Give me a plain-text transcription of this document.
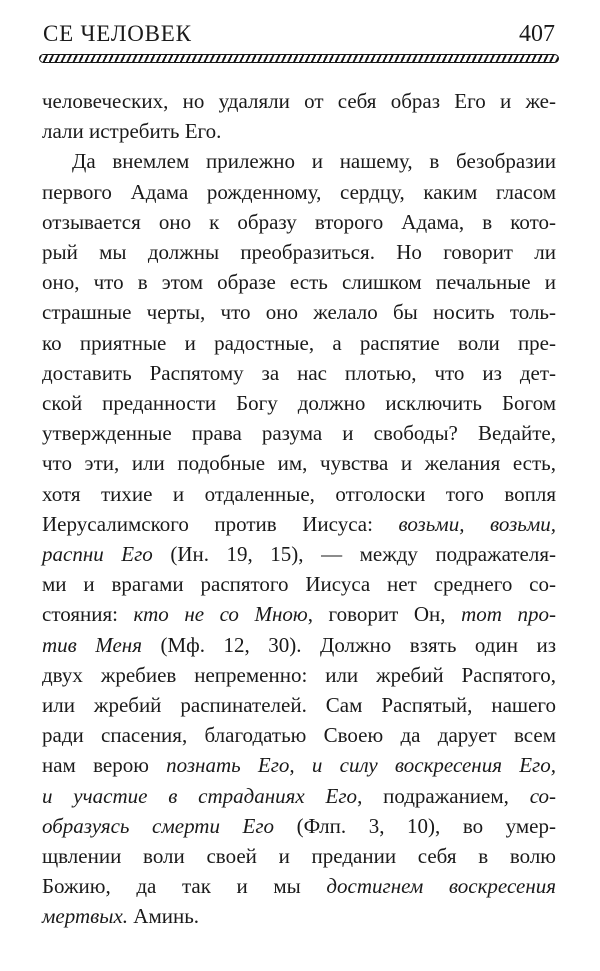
СЕ ЧЕЛОВЕК	407
человеческих, но удаляли от себя образ Его и же-
лали истребить Его.
Да внемлем прилежно и нашему, в безобразии
первого Адама рожденному, сердцу, каким гласом
отзывается оно к образу второго Адама, в кото-
рый мы должны преобразиться. Но говорит ли
оно, что в этом образе есть слишком печальные и
страшные черты, что оно желало бы носить толь-
ко приятные и радостные, а распятие воли пре-
доставить Распятому за нас плотью, что из дет-
ской преданности Богу должно исключить Богом
утвержденные права разума и свободы? Ведайте,
что эти, или подобные им, чувства и желания есть,
хотя тихие и отдаленные, отголоски того вопля
Иерусалимского против Иисуса: возьми, возьми,
распни Его (Ин. 19, 15), — между подражателя-
ми и врагами распятого Иисуса нет среднего со-
стояния: кто не со Мною, говорит Он, тот про-
тив Меня (Мф. 12, 30). Должно взять один из
двух жребиев непременно: или жребий Распятого,
или жребий распинателей. Сам Распятый, нашего
ради спасения, благодатью Своею да дарует всем
нам верою познать Его, и силу воскресения Его,
и участие в страданиях Его, подражанием, со-
образуясь смерти Его (Флп. 3, 10), во умер-
щвлении воли своей и предании себя в волю
Божию, да так и мы достигнем воскресения
мертвых. Аминь.
